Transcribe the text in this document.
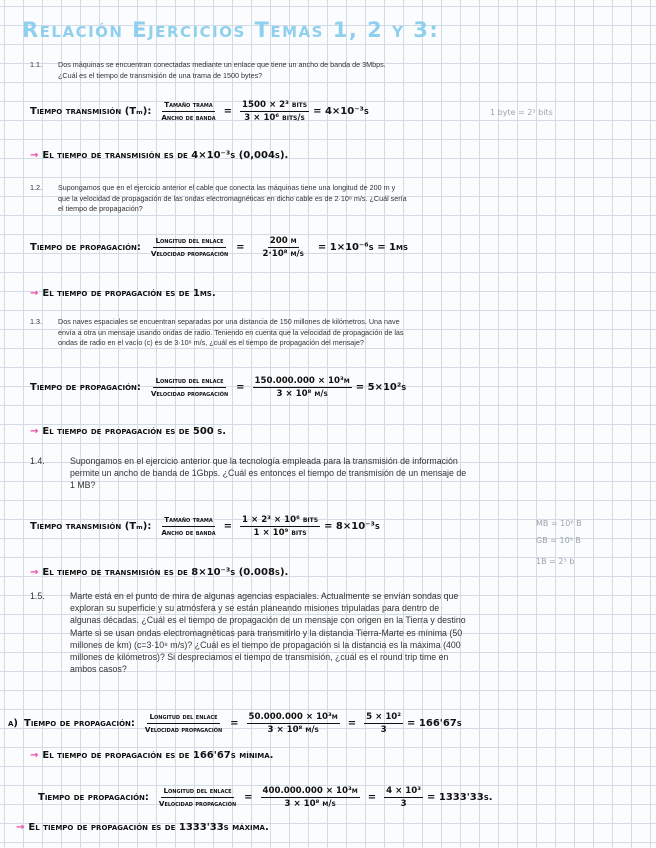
Relación Ejercicios Temas 1, 2 y 3:
1.1. Dos máquinas se encuentran conectadas mediante un enlace que tiene un ancho de banda de 3Mbps. ¿Cuál es el tiempo de transmisión de una trama de 1500 bytes?
Tiempo transmisión (Tₘ): $\frac{\text{Tamaño trama}}{\text{Ancho de banda}} = \frac{\text{1500 × 2³ bits}}{\text{3 × 10⁶ bits/s}} = 4\times 10^{-3}s$	1 byte = 2³ bits
→ El tiempo de transmisión es de 4×10⁻³s (0,004s).
1.2. Supongamos que en el ejercicio anterior el cable que conecta las máquinas tiene una longitud de 200 m y que la velocidad de propagación de las ondas electromagnéticas en dicho cable es de 2·10⁸ m/s. ¿Cuál sería el tiempo de propagación?
Tiempo de propagación: $\frac{\text{Longitud del enlace}}{\text{Velocidad propagación}} = \frac{200 m}{\text{2·10⁸ m/s}} = 1\times 10^{-6}s = 1\mu s$
→ El tiempo de propagación es de 1µs.
1.3. Dos naves espaciales se encuentran separadas por una distancia de 150 millones de kilómetros. Una nave envía a otra un mensaje usando ondas de radio. Teniendo en cuenta que la velocidad de propagación de las ondas de radio en el vacío (c) es de 3·10⁸ m/s, ¿cuál es el tiempo de propagación del mensaje?
Tiempo de propagación: $\frac{\text{Longitud del enlace}}{\text{Velocidad propagación}} = \frac{\text{150.000.000 × 10³m}}{\text{3 × 10⁸ m/s}} = 5\times 10^2s$
→ El tiempo de propagación es de 500 s.
1.4.	Supongamos en el ejercicio anterior que la tecnología empleada para la transmisión de información permite un ancho de banda de 1Gbps. ¿Cuál es entonces el tiempo de transmisión de un mensaje de 1 MB?
Tiempo transmisión (Tₘ): $\frac{\text{Tamaño trama}}{\text{Ancho de banda}} = \frac{\text{1 × 2³ × 10⁶ bits}}{\text{1 × 10⁹ bits}} = 8\times 10^{-3}s$	MB = 10⁶ B
GB = 10⁹ B
1B = 2³ b
→ El tiempo de transmisión es de 8×10⁻³s (0.008s).
1.5.	Marte está en el punto de mira de algunas agencias espaciales. Actualmente se envían sondas que exploran su superficie y su atmósfera y se están planeando misiones tripuladas para dentro de algunas décadas. ¿Cuál es el tiempo de propagación de un mensaje con origen en la Tierra y destino Marte si se usan ondas electromagnéticas para transmitirlo y la distancia Tierra-Marte es mínima (50 millones de km) (c=3·10⁸ m/s)? ¿Cuál es el tiempo de propagación si la distancia es la máxima (400 millones de kilómetros)? Si despreciamos el tiempo de transmisión, ¿cuál es el round trip time en ambos casos?
a) Tiempo de propagación: $\frac{\text{Longitud del enlace}}{\text{Velocidad propagación}} = \frac{\text{50.000.000 × 10³m}}{\text{3 × 10⁸ m/s}} = \frac{\text{5 × 10²}}{3} = 166'67s$
→ El tiempo de propagación es de 166'67s mínima.
Tiempo de propagación: $\frac{\text{Longitud del enlace}}{\text{Velocidad propagación}} = \frac{\text{400.000.000 × 10³m}}{\text{3 × 10⁸ m/s}} = \frac{\text{4 × 10³}}{3} = 1333'33s$.
→ El tiempo de propagación es de 1333'33s máxima.
